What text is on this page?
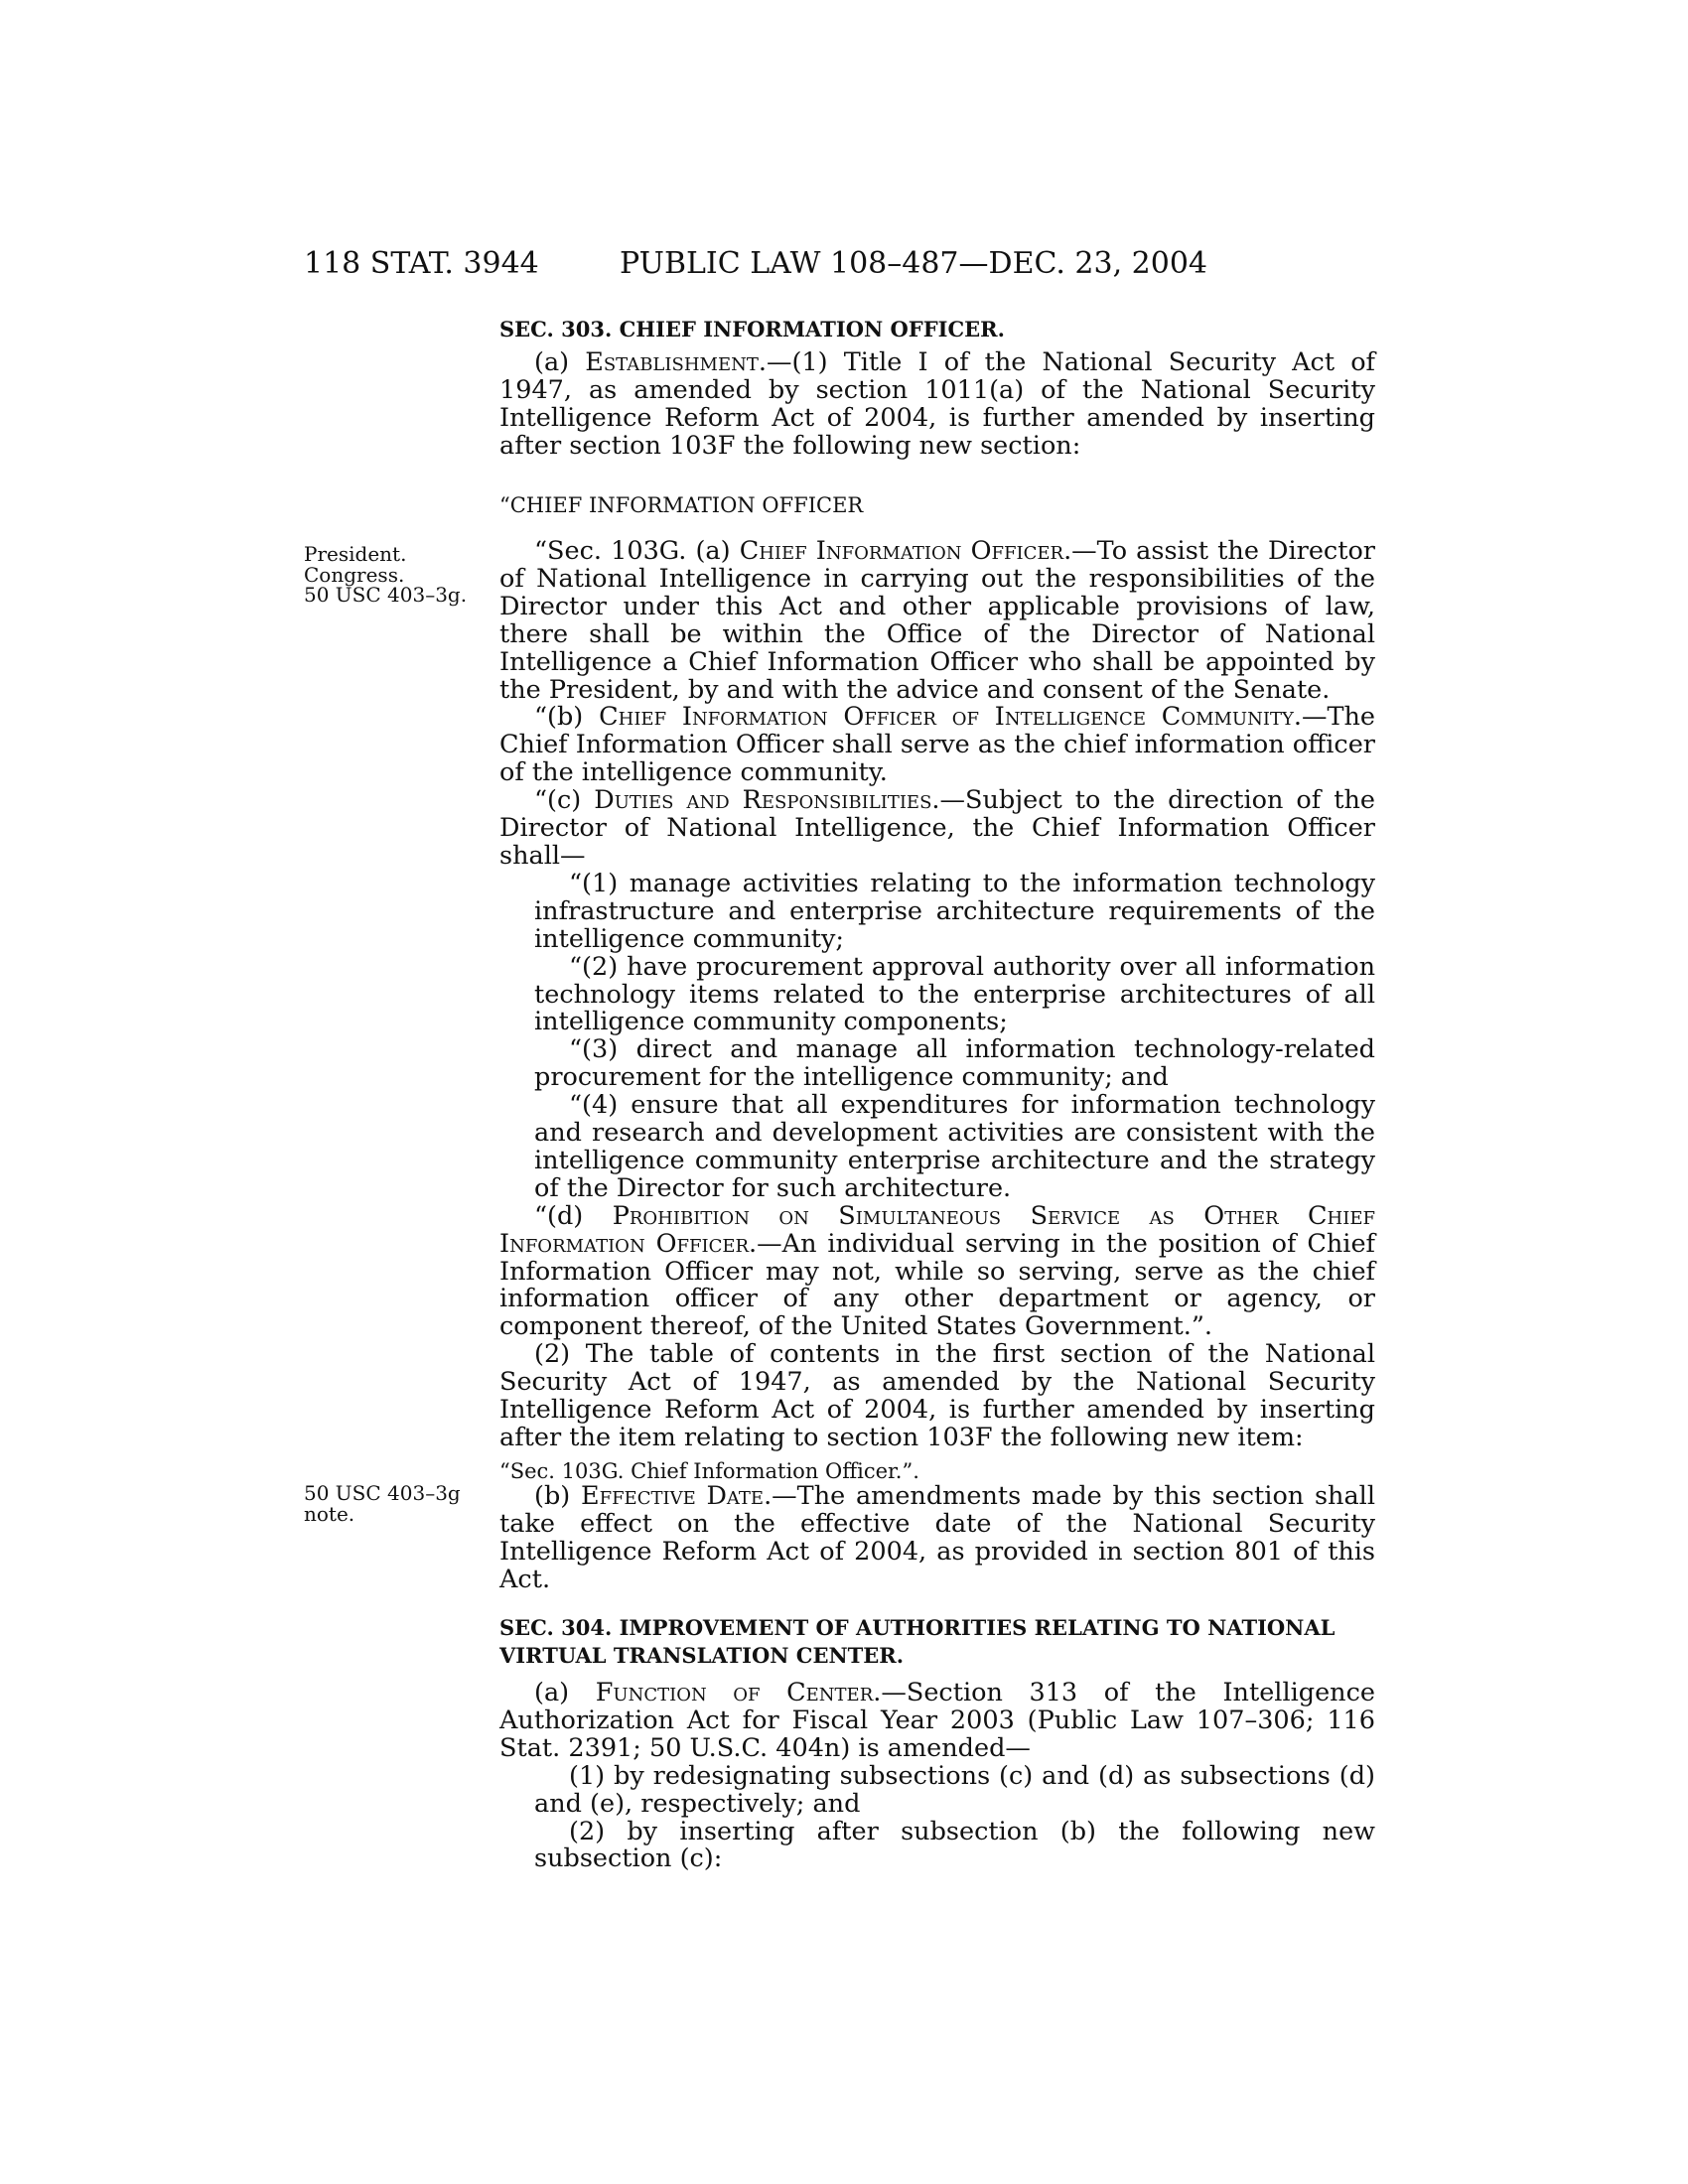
118 STAT. 3944	PUBLIC LAW 108–487—DEC. 23, 2004
President.
Congress.
50 USC 403–3g.
50 USC 403–3g
note.

SEC. 303. CHIEF INFORMATION OFFICER.

(a) Establishment.—(1) Title I of the National Security Act of 1947, as amended by section 1011(a) of the National Security Intelligence Reform Act of 2004, is further amended by inserting after section 103F the following new section:

“CHIEF INFORMATION OFFICER

“Sec. 103G. (a) Chief Information Officer.—To assist the Director of National Intelligence in carrying out the responsibilities of the Director under this Act and other applicable provisions of law, there shall be within the Office of the Director of National Intelligence a Chief Information Officer who shall be appointed by the President, by and with the advice and consent of the Senate.

“(b) Chief Information Officer of Intelligence Community.—The Chief Information Officer shall serve as the chief information officer of the intelligence community.

“(c) Duties and Responsibilities.—Subject to the direction of the Director of National Intelligence, the Chief Information Officer shall—

“(1) manage activities relating to the information technology infrastructure and enterprise architecture requirements of the intelligence community;

“(2) have procurement approval authority over all information technology items related to the enterprise architectures of all intelligence community components;

“(3) direct and manage all information technology-related procurement for the intelligence community; and

“(4) ensure that all expenditures for information technology and research and development activities are consistent with the intelligence community enterprise architecture and the strategy of the Director for such architecture.

“(d) Prohibition on Simultaneous Service as Other Chief Information Officer.—An individual serving in the position of Chief Information Officer may not, while so serving, serve as the chief information officer of any other department or agency, or component thereof, of the United States Government.”.

(2) The table of contents in the first section of the National Security Act of 1947, as amended by the National Security Intelligence Reform Act of 2004, is further amended by inserting after the item relating to section 103F the following new item:

“Sec. 103G. Chief Information Officer.”.

(b) Effective Date.—The amendments made by this section shall take effect on the effective date of the National Security Intelligence Reform Act of 2004, as provided in section 801 of this Act.

SEC. 304. IMPROVEMENT OF AUTHORITIES RELATING TO NATIONAL VIRTUAL TRANSLATION CENTER.

(a) Function of Center.—Section 313 of the Intelligence Authorization Act for Fiscal Year 2003 (Public Law 107–306; 116 Stat. 2391; 50 U.S.C. 404n) is amended—

(1) by redesignating subsections (c) and (d) as subsections (d) and (e), respectively; and

(2) by inserting after subsection (b) the following new subsection (c):
